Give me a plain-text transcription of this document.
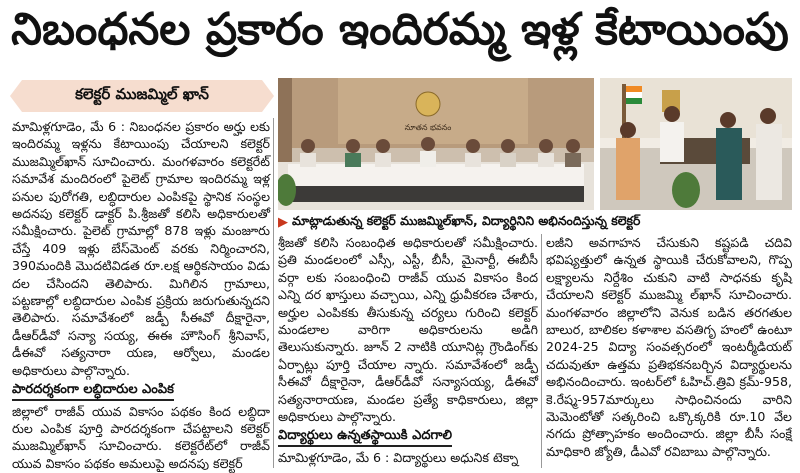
నిబంధనల ప్రకారం ఇందిరమ్మ ఇళ్ల కేటాయింపు
కలెక్టర్ ముజమ్మిల్ ఖాన్
నూతన భవనం
▶ మాట్లాడుతున్న కలెక్టర్ ముజమ్మిల్‌ఖాన్, విద్యార్థినిని అభినందిస్తున్న కలెక్టర్

మామిళ్లగూడెం, మే 6 : నిబంధనల ప్రకారం అర్హు లకు ఇందిరమ్మ ఇళ్లను కేటాయింపు చేయాలని కలెక్టర్ ముజమ్మిల్‌ఖాన్ సూచించారు. మంగళవారం కలెక్టరేట్ సమావేశ మందిరంలో పైలెట్ గ్రామాల ఇందిరమ్మ ఇళ్ల పనుల పురోగతి, లబ్ధిదారుల ఎంపికపై స్థానిక సంస్థల అదనపు కలెక్టర్ డాక్టర్ పి.శ్రీజతో కలిసి అధికారులతో సమీక్షించారు. పైలెట్ గ్రామాల్లో 878 ఇళ్లు మంజూరు చేస్తే 409 ఇళ్లు బేస్‌మెంట్ వరకు నిర్మించారని, 390మందికి మొదటివిడత రూ.లక్ష ఆర్థికసాయం విడు దల చేసిందని తెలిపారు. మిగిలిన గ్రామాలు, పట్టణాల్లో లబ్ధిదారుల ఎంపిక ప్రక్రియ జరుగుతున్నదని తెలిపారు. సమావేశంలో జడ్పీ సీఈవో దీక్షారైనా, డీఆర్‌డీవో సన్యా సయ్య, ఈఈ హౌసింగ్ శ్రీనివాస్, డీఈవో సత్యనారా యణ, ఆర్వోలు, మండల అధికారులు పాల్గొన్నారు.

పారదర్శకంగా లబ్ధిదారుల ఎంపిక

జిల్లాలో రాజీవ్ యువ వికాసం పథకం కింద లబ్ధిదా రుల ఎంపిక పూర్తి పారదర్శకంగా చేపట్టాలని కలెక్టర్ ముజమ్మిల్‌ఖాన్ సూచించారు. కలెక్టరేట్‌లో రాజీవ్ యువ వికాసం పథకం అమలుపై అదనపు కలెక్టర్

శ్రీజతో కలిసి సంబంధిత అధికారులతో సమీక్షించారు. ప్రతి మండలంలో ఎస్సీ, ఎస్టీ, బీసీ, మైనార్టీ, ఈబీసీ వర్గా లకు సంబంధించి రాజీవ్ యువ వికాసం కింద ఎన్ని దర ఖాస్తులు వచ్చాయి, ఎన్ని ధ్రువీకరణ చేశారు, అర్హుల ఎంపికకు తీసుకున్న చర్యలు గురించి కలెక్టర్ మండలాల వారిగా అధికారులను అడిగి తెలుసుకున్నారు. జూన్ 2 నాటికి యూనిట్ల గ్రౌండింగ్‌కు ఏర్పాట్లు పూర్తి చేయాల న్నారు. సమావేశంలో జడ్పీ సీఈవో దీక్షారైనా, డీఆర్‌డీవో సన్యాసయ్య, డీఈవో సత్యనారాయణ, మండల ప్రత్యే కాధికారులు, జిల్లా అధికారులు పాల్గొన్నారు.

విద్యార్థులు ఉన్నతస్థాయికి ఎదగాలి

మామిళ్లగూడెం, మే 6 : విద్యార్థులు అధునిక టెక్నా

లజీని అవగాహన చేసుకుని కష్టపడి చదివి భవిష్యత్తులో ఉన్నత స్థాయికి చేరుకోవాలని, గొప్ప లక్ష్యాలను నిర్దేశిం చుకుని వాటి సాధనకు కృషి చేయాలని కలెక్టర్ ముజమ్మి ల్‌ఖాన్ సూచించారు. మంగళవారం జిల్లాలోని వెనుక బడిన తరగతుల బాలుర, బాలికల కళాశాల వసతిగృ హంలో ఉంటూ 2024-25 విద్యా సంవత్సరంలో ఇంటర్మీడియట్ చదువుతూ ఉత్తమ ప్రతిభకనబర్చిన విద్యార్థులను అభినందించారు. ఇంటర్‌లో ఓహిచ్.త్రివి క్రమ్-958, కె.రేష్మ-957మార్కులు సాధించినందు వారిని మెమెంటోతో సత్కరించి ఒక్కొక్కరికి రూ.10 వేల నగదు ప్రోత్సాహకం అందించారు. జిల్లా బీసీ సంక్షే మాధికారి జ్యోతి, డీఎవో రవిబాబు పాల్గొన్నారు.
